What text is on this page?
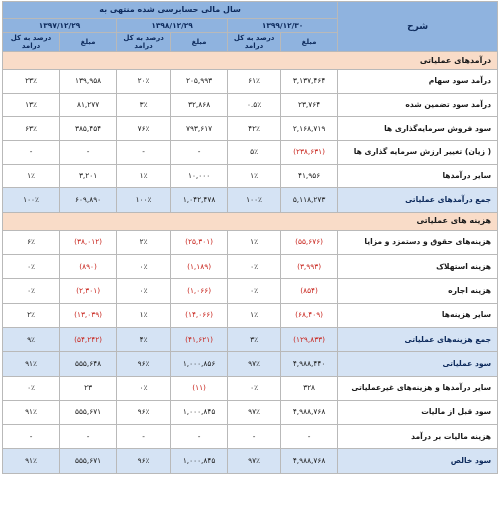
شرح	سال مالی حسابرسی شده منتهی به					
	۱۳۹۹/۱۲/۳۰		۱۳۹۸/۱۲/۲۹		۱۳۹۷/۱۲/۲۹	
	مبلغ	درصد به کل درامد	مبلغ	درصد به کل درامد	مبلغ	درصد به کل درامد
درآمدهای عملیاتی						
درآمد سود سهام	۳,۱۳۷,۴۶۴	۶۱٪	۲۰۵,۹۹۳	۲۰٪	۱۳۹,۹۵۸	۲۳٪
درآمد سود تضمین شده	۲۳,۷۶۴	۰.۵٪	۳۲,۸۶۸	۳٪	۸۱,۲۷۷	۱۳٪
سود فروش سرمایه‌گذاری ها	۲,۱۶۸,۷۱۹	۴۲٪	۷۹۳,۶۱۷	۷۶٪	۳۸۵,۴۵۴	۶۳٪
( زیان) تغییر ارزش سرمایه گذاری ها	(۲۳۸,۶۳۱)	۵٪	-	-	-	-
سایر درآمدها	۴۱,۹۵۶	۱٪	۱۰,۰۰۰	۱٪	۳,۲۰۱	۱٪
جمع درآمدهای عملیاتی	۵,۱۱۸,۲۷۳	۱۰۰٪	۱,۰۴۲,۴۷۸	۱۰۰٪	۶۰۹,۸۹۰	۱۰۰٪
هزینه های عملیاتی						
هزینه‌های حقوق و دستمزد و مزایا	(۵۵,۶۷۶)	۱٪	(۲۵,۳۰۱)	۲٪	(۳۸,۰۱۲)	۶٪
هزینه استهلاک	(۳,۹۹۳)	۰٪	(۱,۱۸۹)	۰٪	(۸۹۰)	۰٪
هزینه اجاره	(۸۵۴)	۰٪	(۱,۰۶۶)	۰٪	(۲,۳۰۱)	۰٪
سایر هزینه‌ها	(۶۸,۴۰۹)	۱٪	(۱۴,۰۶۶)	۱٪	(۱۳,۰۳۹)	۲٪
جمع هزینه‌های عملیاتی	(۱۲۹,۸۳۳)	۳٪	(۴۱,۶۲۱)	۴٪	(۵۴,۲۴۲)	۹٪
سود عملیاتی	۴,۹۸۸,۴۴۰	۹۷٪	۱,۰۰۰,۸۵۶	۹۶٪	۵۵۵,۶۴۸	۹۱٪
سایر درآمدها و هزینه‌های غیرعملیاتی	۳۲۸	۰٪	(۱۱)	۰٪	۲۳	۰٪
سود قبل از مالیات	۴,۹۸۸,۷۶۸	۹۷٪	۱,۰۰۰,۸۴۵	۹۶٪	۵۵۵,۶۷۱	۹۱٪
هزینه مالیات بر درآمد	-	-	-	-	-	-
سود خالص	۴,۹۸۸,۷۶۸	۹۷٪	۱,۰۰۰,۸۴۵	۹۶٪	۵۵۵,۶۷۱	۹۱٪
